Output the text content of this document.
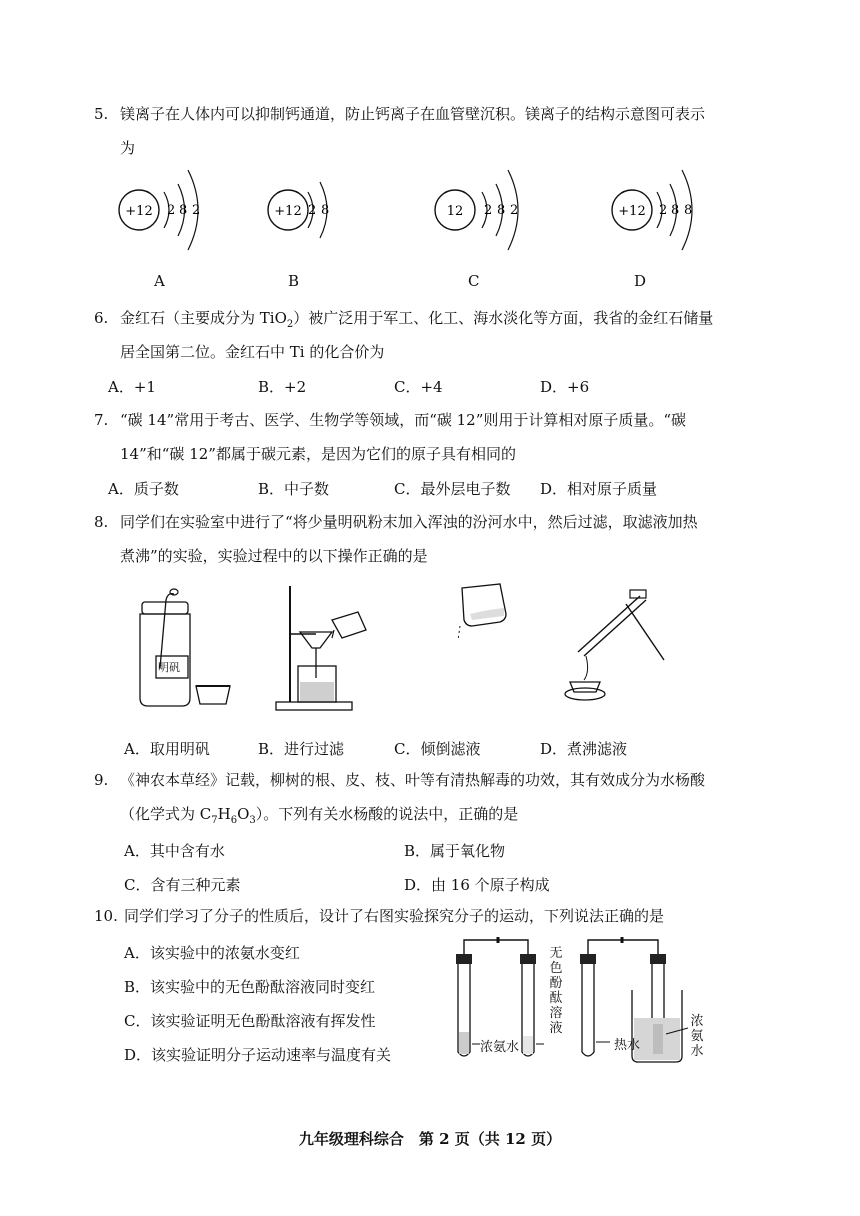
5. 镁离子在人体内可以抑制钙通道，防止钙离子在血管壁沉积。镁离子的结构示意图可表示
为
+12 2 8 2	+12 2 8	12 2 8 2	+12 2 8 8
A	B	C	D
6. 金红石（主要成分为 TiO$_2$）被广泛用于军工、化工、海水淡化等方面，我省的金红石储量
居全国第二位。金红石中 Ti 的化合价为
A．+1	B．+2	C．+4	D．+6
7. “碳 14”常用于考古、医学、生物学等领域，而“碳 12”则用于计算相对原子质量。“碳
14”和“碳 12”都属于碳元素，是因为它们的原子具有相同的
A．质子数	B．中子数	C．最外层电子数 D．相对原子质量
8. 同学们在实验室中进行了“将少量明矾粉末加入浑浊的汾河水中，然后过滤，取滤液加热
煮沸”的实验，实验过程中的以下操作正确的是
明矾
A．取用明矾	B．进行过滤	C．倾倒滤液	D．煮沸滤液
9. 《神农本草经》记载，柳树的根、皮、枝、叶等有清热解毒的功效，其有效成分为水杨酸
（化学式为 $C_7H_6O_3$）。下列有关水杨酸的说法中，正确的是
A．其中含有水	B．属于氧化物
C．含有三种元素	D．由 16 个原子构成
10. 同学们学习了分子的性质后，设计了右图实验探究分子的运动，下列说法正确的是
A．该实验中的浓氨水变红
B．该实验中的无色酚酞溶液同时变红
C．该实验证明无色酚酞溶液有挥发性
D．该实验证明分子运动速率与温度有关	浓氨水
无色酚酞溶液
热水
浓氨水
九年级理科综合　第 2 页（共 12 页）
